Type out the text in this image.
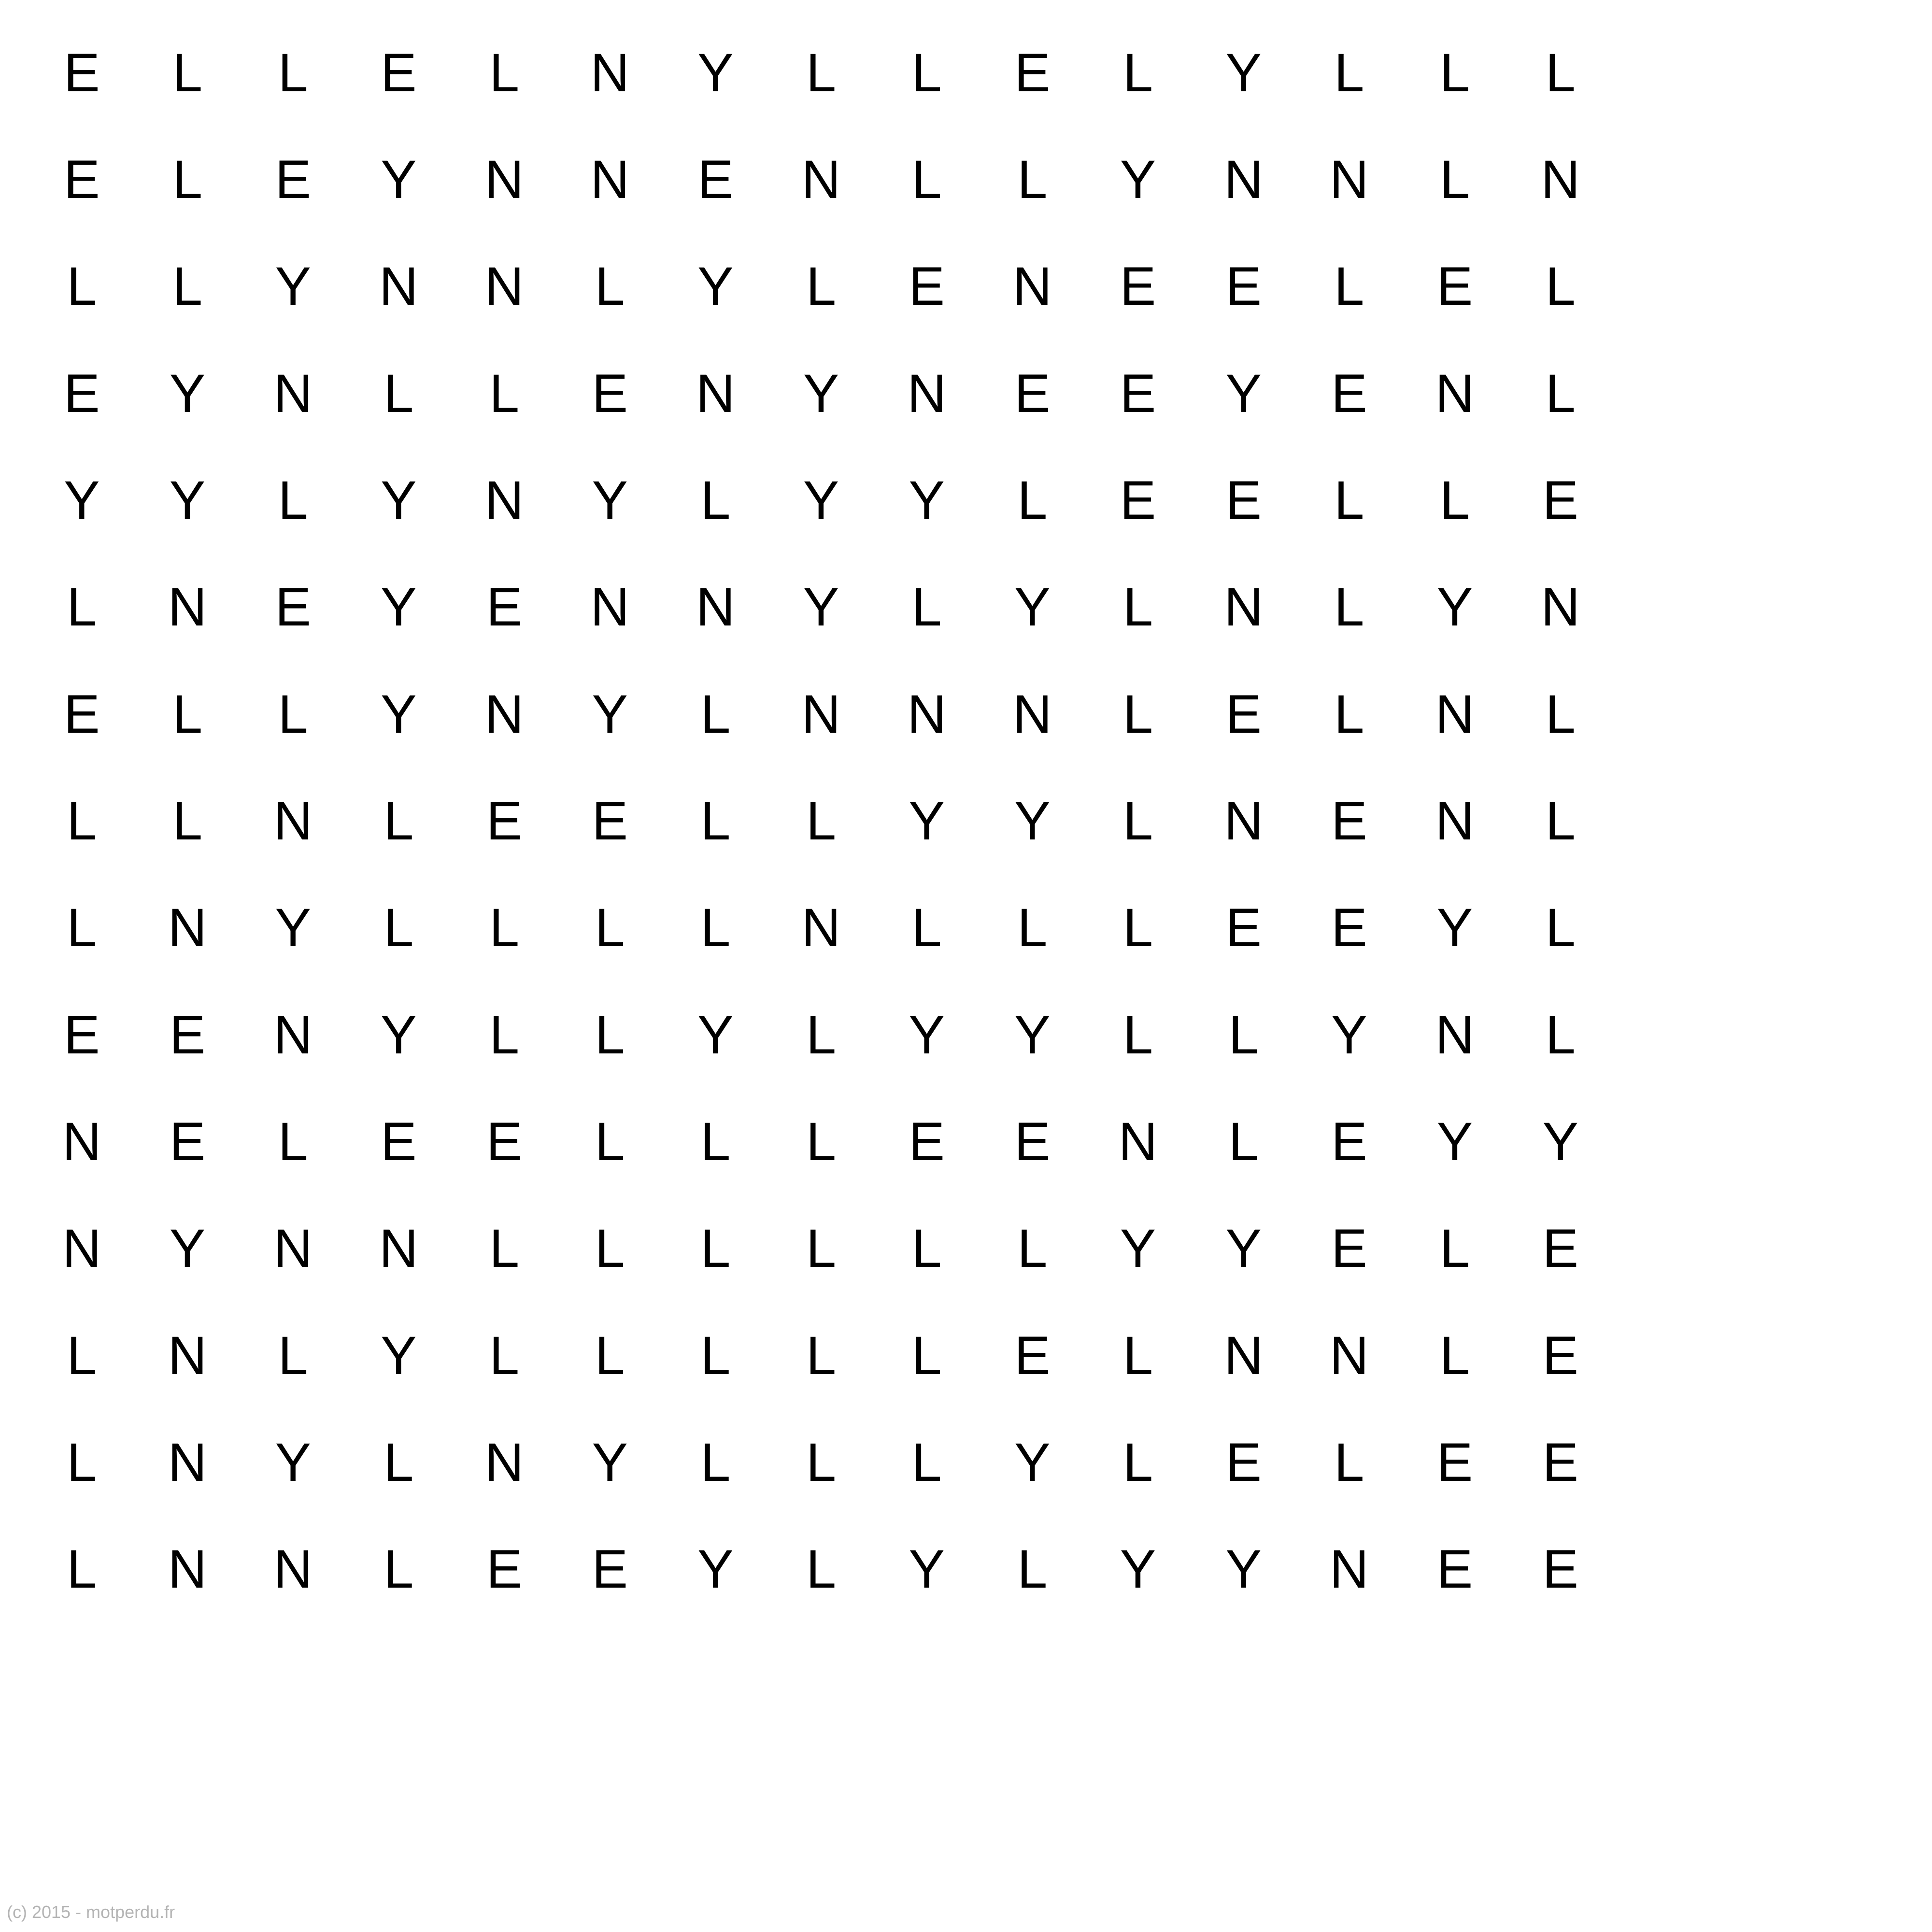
E	L	L	E	L	N	Y	L	L	E	L	Y	L	L	L
E	L	E	Y	N	N	E	N	L	L	Y	N	N	L	N
L	L	Y	N	N	L	Y	L	E	N	E	E	L	E	L
E	Y	N	L	L	E	N	Y	N	E	E	Y	E	N	L
Y	Y	L	Y	N	Y	L	Y	Y	L	E	E	L	L	E
L	N	E	Y	E	N	N	Y	L	Y	L	N	L	Y	N
E	L	L	Y	N	Y	L	N	N	N	L	E	L	N	L
L	L	N	L	E	E	L	L	Y	Y	L	N	E	N	L
L	N	Y	L	L	L	L	N	L	L	L	E	E	Y	L
E	E	N	Y	L	L	Y	L	Y	Y	L	L	Y	N	L
N	E	L	E	E	L	L	L	E	E	N	L	E	Y	Y
N	Y	N	N	L	L	L	L	L	L	Y	Y	E	L	E
L	N	L	Y	L	L	L	L	L	E	L	N	N	L	E
L	N	Y	L	N	Y	L	L	L	Y	L	E	L	E	E
L	N	N	L	E	E	Y	L	Y	L	Y	Y	N	E	E
(c) 2015 - motperdu.fr
